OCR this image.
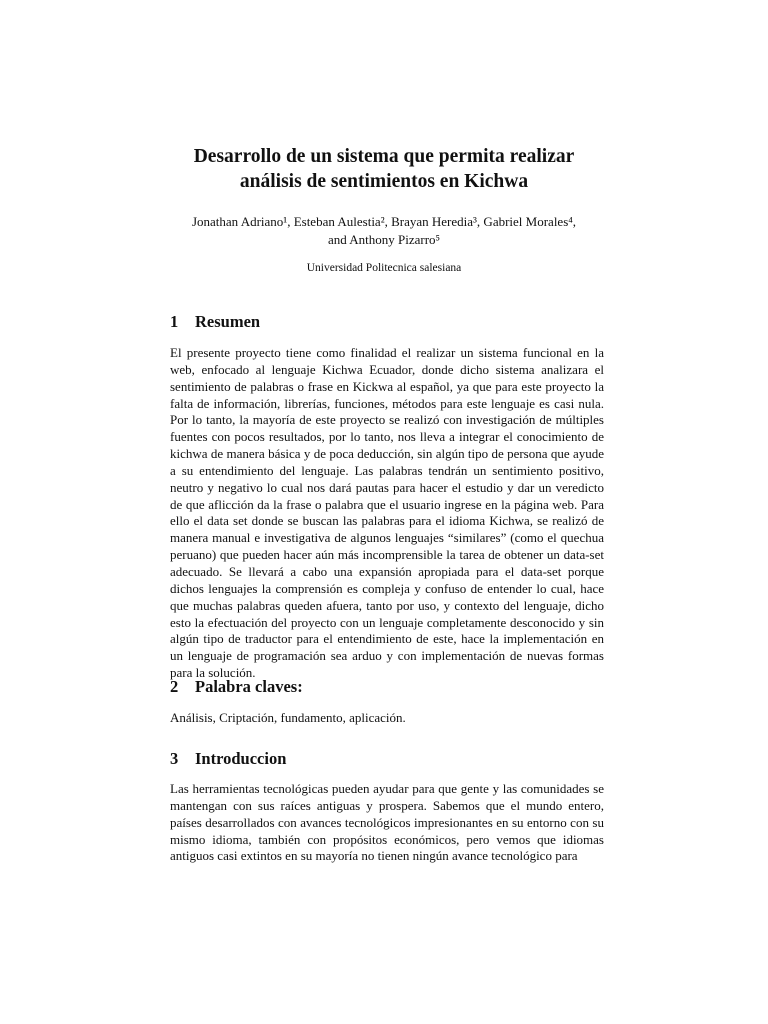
Desarrollo de un sistema que permita realizar
análisis de sentimientos en Kichwa

Jonathan Adriano¹, Esteban Aulestia², Brayan Heredia³, Gabriel Morales⁴,
and Anthony Pizarro⁵

Universidad Politecnica salesiana

1	Resumen

El presente proyecto tiene como finalidad el realizar un sistema funcional en la web, enfocado al lenguaje Kichwa Ecuador, donde dicho sistema analizara el sentimiento de palabras o frase en Kickwa al español, ya que para este proyecto la falta de información, librerías, funciones, métodos para este lenguaje es casi nula. Por lo tanto, la mayoría de este proyecto se realizó con investigación de múltiples fuentes con pocos resultados, por lo tanto, nos lleva a integrar el conocimiento de kichwa de manera básica y de poca deducción, sin algún tipo de persona que ayude a su entendimiento del lenguaje. Las palabras tendrán un sentimiento positivo, neutro y negativo lo cual nos dará pautas para hacer el estudio y dar un veredicto de que aflicción da la frase o palabra que el usuario ingrese en la página web. Para ello el data set donde se buscan las palabras para el idioma Kichwa, se realizó de manera manual e investigativa de algunos lenguajes “similares” (como el quechua peruano) que pueden hacer aún más incomprensible la tarea de obtener un data-set adecuado. Se llevará a cabo una expansión apropiada para el data-set porque dichos lenguajes la comprensión es compleja y confuso de entender lo cual, hace que muchas palabras queden afuera, tanto por uso, y contexto del lenguaje, dicho esto la efectuación del proyecto con un lenguaje completamente desconocido y sin algún tipo de traductor para el entendimiento de este, hace la implementación en un lenguaje de programación sea arduo y con implementación de nuevas formas para la solución.

2	Palabra claves:

Análisis, Criptación, fundamento, aplicación.

3	Introduccion

Las herramientas tecnológicas pueden ayudar para que gente y las comunidades se mantengan con sus raíces antiguas y prospera. Sabemos que el mundo entero, países desarrollados con avances tecnológicos impresionantes en su entorno con su mismo idioma, también con propósitos económicos, pero vemos que idiomas antiguos casi extintos en su mayoría no tienen ningún avance tecnológico para
